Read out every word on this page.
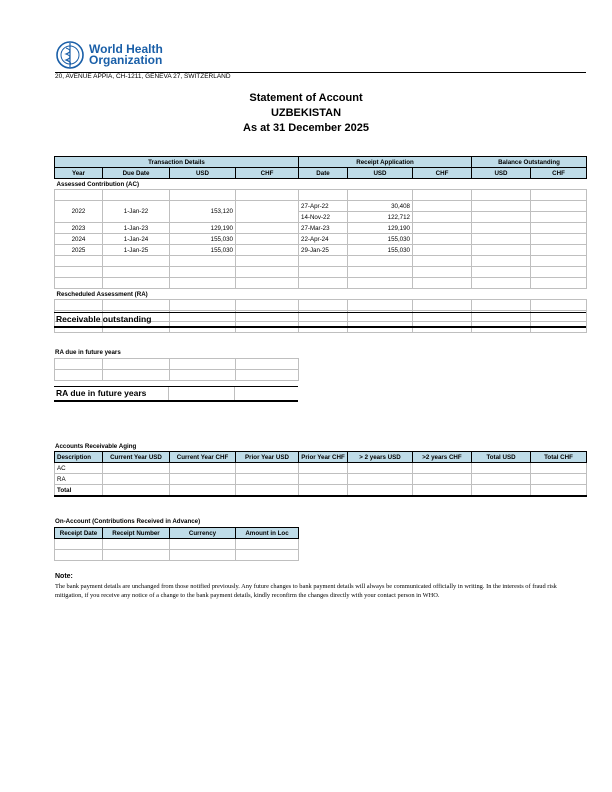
World Health
Organization
20, AVENUE APPIA, CH-1211, GENEVA 27, SWITZERLAND
Statement of Account
UZBEKISTAN
As at 31 December 2025
Transaction Details				Receipt Application			Balance Outstanding	
Year	Due Date	USD	CHF	Date	USD	CHF	USD	CHF
Assessed Contribution (AC)								

2022	1-Jan-22	153,120		27-Apr-22	30,408			
				14-Nov-22	122,712			
2023	1-Jan-23	129,190		27-Mar-23	129,190			
2024	1-Jan-24	155,030		22-Apr-24	155,030			
2025	1-Jan-25	155,030		29-Jan-25	155,030			

Rescheduled Assessment (RA)								

Receivable outstanding
RA due in future years

RA due in future years
Accounts Receivable Aging
Description	Current Year USD	Current Year CHF	Prior Year USD	Prior Year CHF	> 2 years USD	>2 years CHF	Total USD	Total CHF
AC								
RA								
Total								
On-Account (Contributions Received in Advance)
Receipt Date	Receipt Number	Currency	Amount in Loc

Note:
The bank payment details are unchanged from those notified previously. Any future changes to bank payment details will always be communicated officially in writing. In the interests of fraud risk mitigation, if you receive any notice of a change to the bank payment details, kindly reconfirm the changes directly with your contact person in WHO.
